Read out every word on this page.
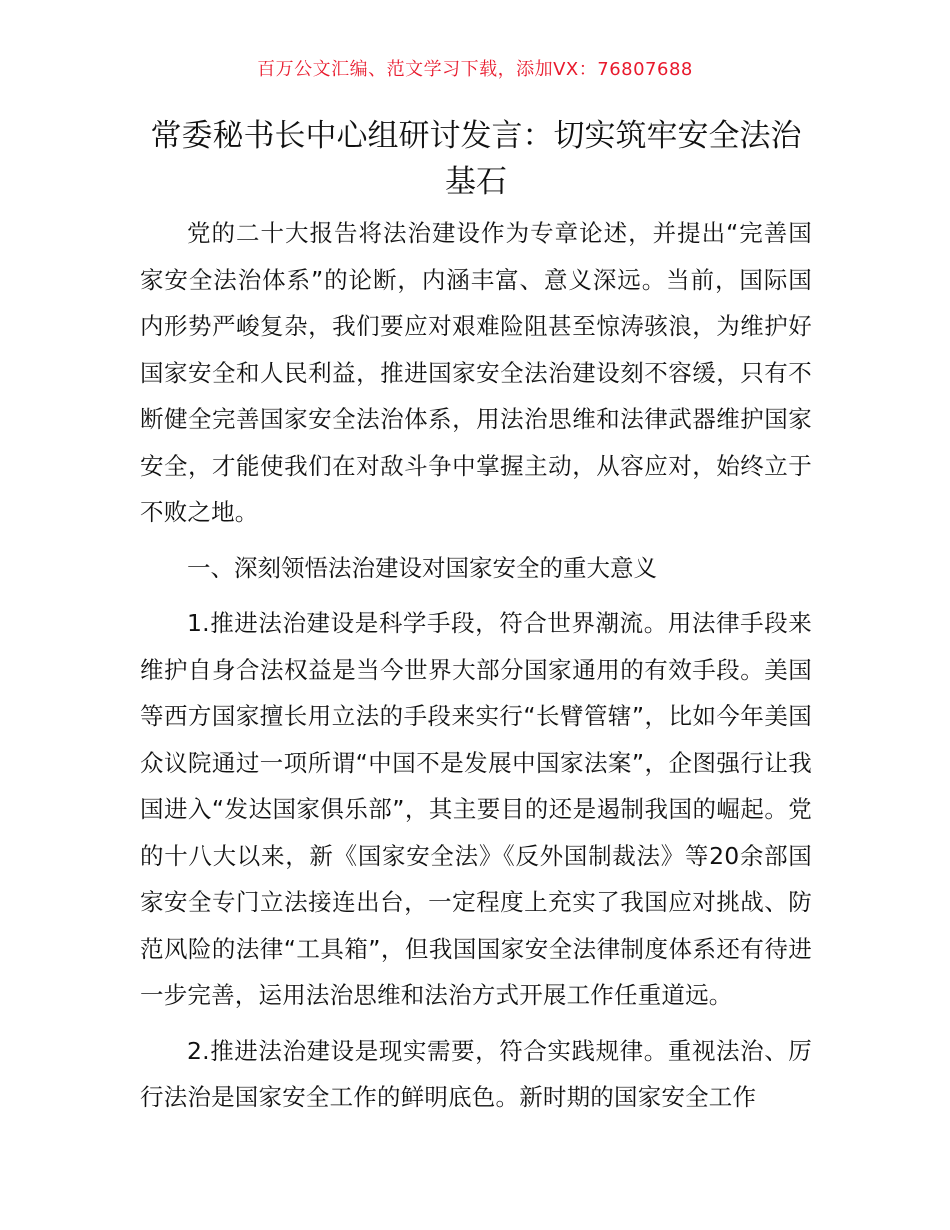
百万公文汇编、范文学习下载，添加VX：76807688
常委秘书长中心组研讨发言：切实筑牢安全法治基石

党的二十大报告将法治建设作为专章论述，并提出“完善国家安全法治体系”的论断，内涵丰富、意义深远。当前，国际国内形势严峻复杂，我们要应对艰难险阻甚至惊涛骇浪，为维护好国家安全和人民利益，推进国家安全法治建设刻不容缓，只有不断健全完善国家安全法治体系，用法治思维和法律武器维护国家安全，才能使我们在对敌斗争中掌握主动，从容应对，始终立于不败之地。

一、深刻领悟法治建设对国家安全的重大意义

1.推进法治建设是科学手段，符合世界潮流。用法律手段来维护自身合法权益是当今世界大部分国家通用的有效手段。美国等西方国家擅长用立法的手段来实行“长臂管辖”，比如今年美国众议院通过一项所谓“中国不是发展中国家法案”，企图强行让我国进入“发达国家俱乐部”，其主要目的还是遏制我国的崛起。党的十八大以来，新《国家安全法》《反外国制裁法》等20余部国家安全专门立法接连出台，一定程度上充实了我国应对挑战、防范风险的法律“工具箱”，但我国国家安全法律制度体系还有待进一步完善，运用法治思维和法治方式开展工作任重道远。

2.推进法治建设是现实需要，符合实践规律。重视法治、厉行法治是国家安全工作的鲜明底色。新时期的国家安全工作
